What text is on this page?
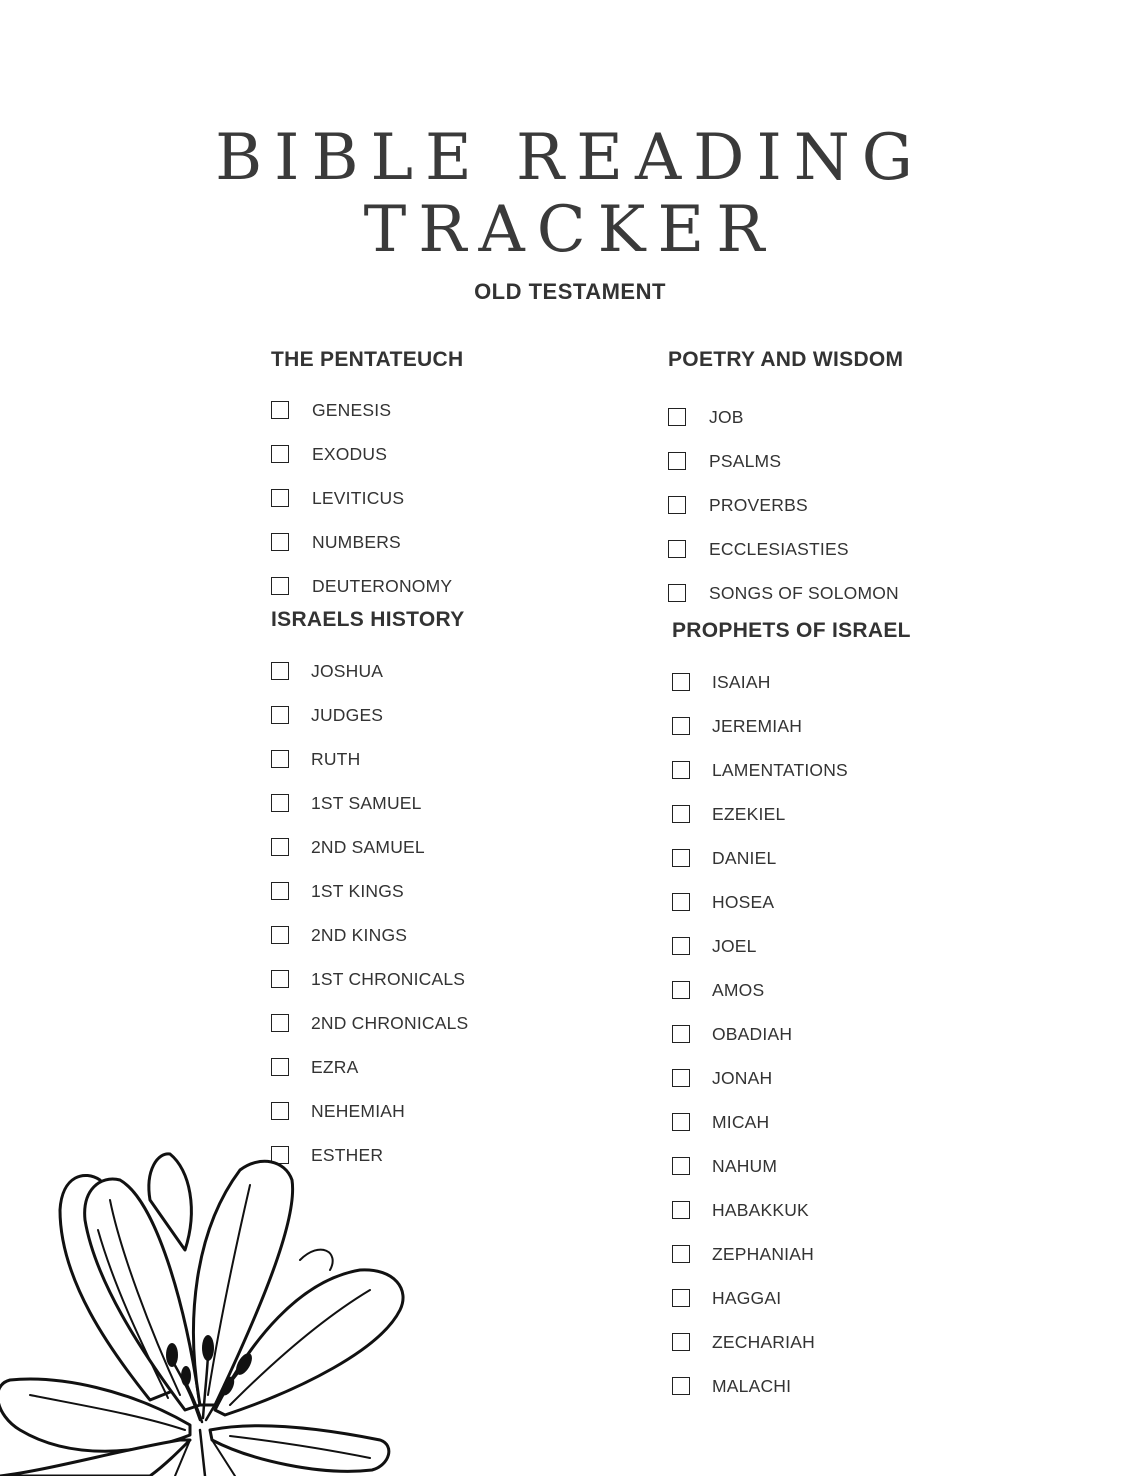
BIBLE READING
TRACKER
OLD TESTAMENT
THE PENTATEUCH
GENESIS
EXODUS
LEVITICUS
NUMBERS
DEUTERONOMY
ISRAELS HISTORY
JOSHUA
JUDGES
RUTH
1ST SAMUEL
2ND SAMUEL
1ST KINGS
2ND KINGS
1ST CHRONICALS
2ND CHRONICALS
EZRA
NEHEMIAH
ESTHER
POETRY AND WISDOM
JOB
PSALMS
PROVERBS
ECCLESIASTIES
SONGS OF SOLOMON
PROPHETS OF ISRAEL
ISAIAH
JEREMIAH
LAMENTATIONS
EZEKIEL
DANIEL
HOSEA
JOEL
AMOS
OBADIAH
JONAH
MICAH
NAHUM
HABAKKUK
ZEPHANIAH
HAGGAI
ZECHARIAH
MALACHI
